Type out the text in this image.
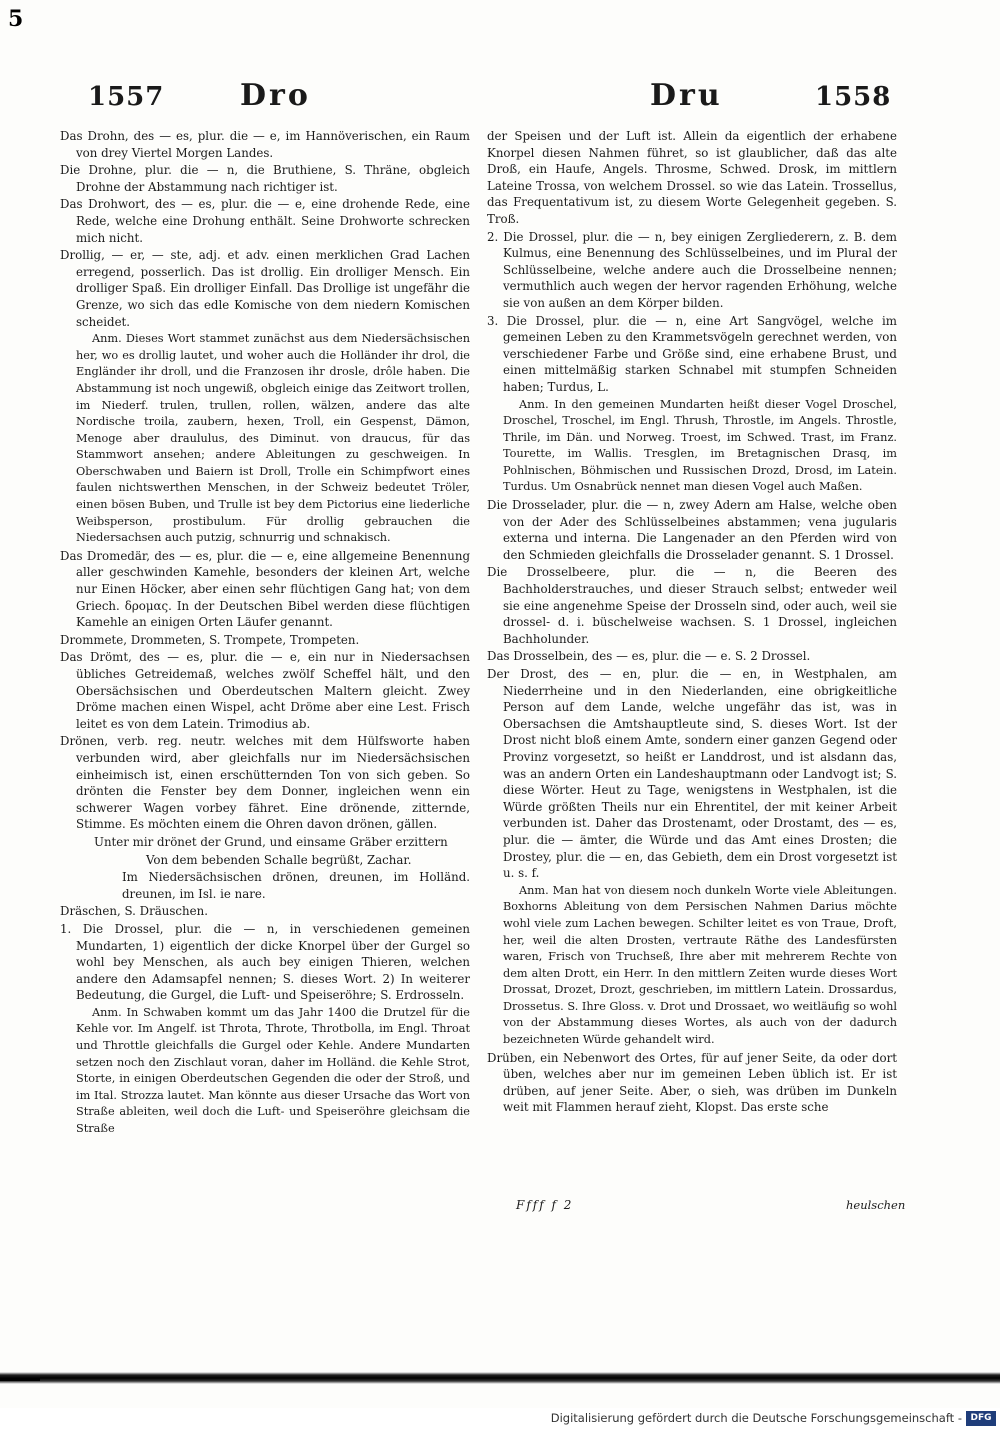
5
1557	Dro	Dru	1558

Das Drohn, des — es, plur. die — e, im Hannöverischen, ein Raum von drey Viertel Morgen Landes.

Die Drohne, plur. die — n, die Bruthiene, S. Thräne, obgleich Drohne der Abstammung nach richtiger ist.

Das Drohwort, des — es, plur. die — e, eine drohende Rede, eine Rede, welche eine Drohung enthält. Seine Drohworte schrecken mich nicht.

Drollig, — er, — ste, adj. et adv. einen merklichen Grad Lachen erregend, posserlich. Das ist drollig. Ein drolliger Mensch. Ein drolliger Spaß. Ein drolliger Einfall. Das Drollige ist ungefähr die Grenze, wo sich das edle Komische von dem niedern Komischen scheidet.

Anm. Dieses Wort stammet zunächst aus dem Niedersächsischen her, wo es drollig lautet, und woher auch die Holländer ihr drol, die Engländer ihr droll, und die Franzosen ihr drosle, drôle haben. Die Abstammung ist noch ungewiß, obgleich einige das Zeitwort trollen, im Niederf. trulen, trullen, rollen, wälzen, andere das alte Nordische troila, zaubern, hexen, Troll, ein Gespenst, Dämon, Menoge aber draululus, des Diminut. von draucus, für das Stammwort ansehen; andere Ableitungen zu geschweigen. In Oberschwaben und Baiern ist Droll, Trolle ein Schimpfwort eines faulen nichtswerthen Menschen, in der Schweiz bedeutet Tröler, einen bösen Buben, und Trulle ist bey dem Pictorius eine liederliche Weibsperson, prostibulum. Für drollig gebrauchen die Niedersachsen auch putzig, schnurrig und schnakisch.

Das Dromedär, des — es, plur. die — e, eine allgemeine Benennung aller geschwinden Kamehle, besonders der kleinen Art, welche nur Einen Höcker, aber einen sehr flüchtigen Gang hat; von dem Griech. δρομας. In der Deutschen Bibel werden diese flüchtigen Kamehle an einigen Orten Läufer genannt.

Drommete, Drommeten, S. Trompete, Trompeten.

Das Drömt, des — es, plur. die — e, ein nur in Niedersachsen übliches Getreidemaß, welches zwölf Scheffel hält, und den Obersächsischen und Oberdeutschen Maltern gleicht. Zwey Dröme machen einen Wispel, acht Dröme aber eine Lest. Frisch leitet es von dem Latein. Trimodius ab.

Drönen, verb. reg. neutr. welches mit dem Hülfsworte haben verbunden wird, aber gleichfalls nur im Niedersächsischen einheimisch ist, einen erschütternden Ton von sich geben. So drönten die Fenster bey dem Donner, ingleichen wenn ein schwerer Wagen vorbey fähret. Eine drönende, zitternde, Stimme. Es möchten einem die Ohren davon drönen, gällen.

Unter mir drönet der Grund, und einsame Gräber erzittern

Von dem bebenden Schalle begrüßt, Zachar.

Im Niedersächsischen drönen, dreunen, im Holländ. dreunen, im Isl. ie nare.

Dräschen, S. Dräuschen.

1. Die Drossel, plur. die — n, in verschiedenen gemeinen Mundarten, 1) eigentlich der dicke Knorpel über der Gurgel so wohl bey Menschen, als auch bey einigen Thieren, welchen andere den Adamsapfel nennen; S. dieses Wort. 2) In weiterer Bedeutung, die Gurgel, die Luft- und Speiseröhre; S. Erdrosseln.

Anm. In Schwaben kommt um das Jahr 1400 die Drutzel für die Kehle vor. Im Angelf. ist Throta, Throte, Throtbolla, im Engl. Throat und Throttle gleichfalls die Gurgel oder Kehle. Andere Mundarten setzen noch den Zischlaut voran, daher im Holländ. die Kehle Strot, Storte, in einigen Oberdeutschen Gegenden die oder der Stroß, und im Ital. Strozza lautet. Man könnte aus dieser Ursache das Wort von Straße ableiten, weil doch die Luft- und Speiseröhre gleichsam die Straße

der Speisen und der Luft ist. Allein da eigentlich der erhabene Knorpel diesen Nahmen führet, so ist glaublicher, daß das alte Droß, ein Haufe, Angels. Throsme, Schwed. Drosk, im mittlern Lateine Trossa, von welchem Drossel. so wie das Latein. Trossellus, das Frequentativum ist, zu diesem Worte Gelegenheit gegeben. S. Troß.

2. Die Drossel, plur. die — n, bey einigen Zergliederern, z. B. dem Kulmus, eine Benennung des Schlüsselbeines, und im Plural der Schlüsselbeine, welche andere auch die Drosselbeine nennen; vermuthlich auch wegen der hervor ragenden Erhöhung, welche sie von außen an dem Körper bilden.

3. Die Drossel, plur. die — n, eine Art Sangvögel, welche im gemeinen Leben zu den Krammetsvögeln gerechnet werden, von verschiedener Farbe und Größe sind, eine erhabene Brust, und einen mittelmäßig starken Schnabel mit stumpfen Schneiden haben; Turdus, L.

Anm. In den gemeinen Mundarten heißt dieser Vogel Droschel, Droschel, Troschel, im Engl. Thrush, Throstle, im Angels. Throstle, Thrile, im Dän. und Norweg. Troest, im Schwed. Trast, im Franz. Tourette, im Wallis. Tresglen, im Bretagnischen Drasq, im Pohlnischen, Böhmischen und Russischen Drozd, Drosd, im Latein. Turdus. Um Osnabrück nennet man diesen Vogel auch Maßen.

Die Drosselader, plur. die — n, zwey Adern am Halse, welche oben von der Ader des Schlüsselbeines abstammen; vena jugularis externa und interna. Die Langenader an den Pferden wird von den Schmieden gleichfalls die Drosselader genannt. S. 1 Drossel.

Die Drosselbeere, plur. die — n, die Beeren des Bachholderstrauches, und dieser Strauch selbst; entweder weil sie eine angenehme Speise der Drosseln sind, oder auch, weil sie drossel- d. i. büschelweise wachsen. S. 1 Drossel, ingleichen Bachholunder.

Das Drosselbein, des — es, plur. die — e. S. 2 Drossel.

Der Drost, des — en, plur. die — en, in Westphalen, am Niederrheine und in den Niederlanden, eine obrigkeitliche Person auf dem Lande, welche ungefähr das ist, was in Obersachsen die Amtshauptleute sind, S. dieses Wort. Ist der Drost nicht bloß einem Amte, sondern einer ganzen Gegend oder Provinz vorgesetzt, so heißt er Landdrost, und ist alsdann das, was an andern Orten ein Landeshauptmann oder Landvogt ist; S. diese Wörter. Heut zu Tage, wenigstens in Westphalen, ist die Würde größten Theils nur ein Ehrentitel, der mit keiner Arbeit verbunden ist. Daher das Drostenamt, oder Drostamt, des — es, plur. die — ämter, die Würde und das Amt eines Drosten; die Drostey, plur. die — en, das Gebieth, dem ein Drost vorgesetzt ist u. s. f.

Anm. Man hat von diesem noch dunkeln Worte viele Ableitungen. Boxhorns Ableitung von dem Persischen Nahmen Darius möchte wohl viele zum Lachen bewegen. Schilter leitet es von Traue, Droft, her, weil die alten Drosten, vertraute Räthe des Landesfürsten waren, Frisch von Truchseß, Ihre aber mit mehrerem Rechte von dem alten Drott, ein Herr. In den mittlern Zeiten wurde dieses Wort Drossat, Drozet, Drozt, geschrieben, im mittlern Latein. Drossardus, Drossetus. S. Ihre Gloss. v. Drot und Drossaet, wo weitläufig so wohl von der Abstammung dieses Wortes, als auch von der dadurch bezeichneten Würde gehandelt wird.

Drüben, ein Nebenwort des Ortes, für auf jener Seite, da oder dort üben, welches aber nur im gemeinen Leben üblich ist. Er ist drüben, auf jener Seite. Aber, o sieh, was drüben im Dunkeln weit mit Flammen herauf zieht, Klopst. Das erste sche

Ffff f 2	heulschen
Digitalisierung gefördert durch die Deutsche Forschungsgemeinschaft - DFG
